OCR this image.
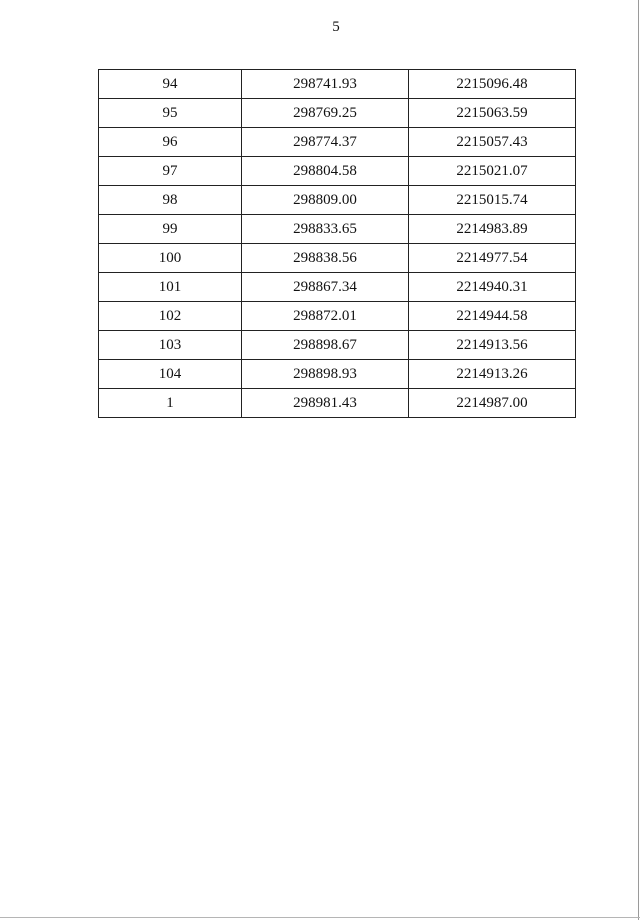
5
94	298741.93	2215096.48
95	298769.25	2215063.59
96	298774.37	2215057.43
97	298804.58	2215021.07
98	298809.00	2215015.74
99	298833.65	2214983.89
100	298838.56	2214977.54
101	298867.34	2214940.31
102	298872.01	2214944.58
103	298898.67	2214913.56
104	298898.93	2214913.26
1	298981.43	2214987.00
